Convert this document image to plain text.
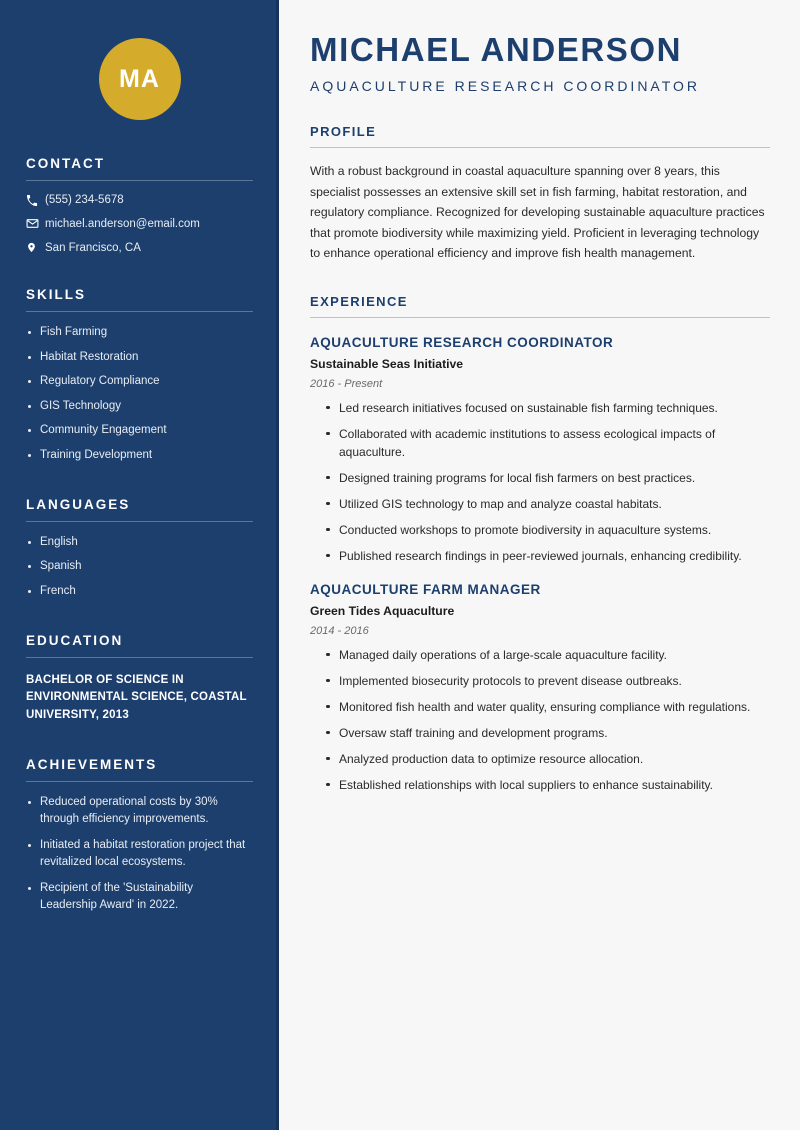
MA
CONTACT
(555) 234-5678
michael.anderson@email.com
San Francisco, CA
SKILLS
Fish Farming
Habitat Restoration
Regulatory Compliance
GIS Technology
Community Engagement
Training Development
LANGUAGES
English
Spanish
French
EDUCATION
BACHELOR OF SCIENCE IN ENVIRONMENTAL SCIENCE, COASTAL UNIVERSITY, 2013
ACHIEVEMENTS
Reduced operational costs by 30% through efficiency improvements.
Initiated a habitat restoration project that revitalized local ecosystems.
Recipient of the 'Sustainability Leadership Award' in 2022.
MICHAEL ANDERSON
AQUACULTURE RESEARCH COORDINATOR
PROFILE

With a robust background in coastal aquaculture spanning over 8 years, this specialist possesses an extensive skill set in fish farming, habitat restoration, and regulatory compliance. Recognized for developing sustainable aquaculture practices that promote biodiversity while maximizing yield. Proficient in leveraging technology to enhance operational efficiency and improve fish health management.

EXPERIENCE
AQUACULTURE RESEARCH COORDINATOR
Sustainable Seas Initiative
2016 - Present
Led research initiatives focused on sustainable fish farming techniques.
Collaborated with academic institutions to assess ecological impacts of aquaculture.
Designed training programs for local fish farmers on best practices.
Utilized GIS technology to map and analyze coastal habitats.
Conducted workshops to promote biodiversity in aquaculture systems.
Published research findings in peer-reviewed journals, enhancing credibility.
AQUACULTURE FARM MANAGER
Green Tides Aquaculture
2014 - 2016
Managed daily operations of a large-scale aquaculture facility.
Implemented biosecurity protocols to prevent disease outbreaks.
Monitored fish health and water quality, ensuring compliance with regulations.
Oversaw staff training and development programs.
Analyzed production data to optimize resource allocation.
Established relationships with local suppliers to enhance sustainability.
